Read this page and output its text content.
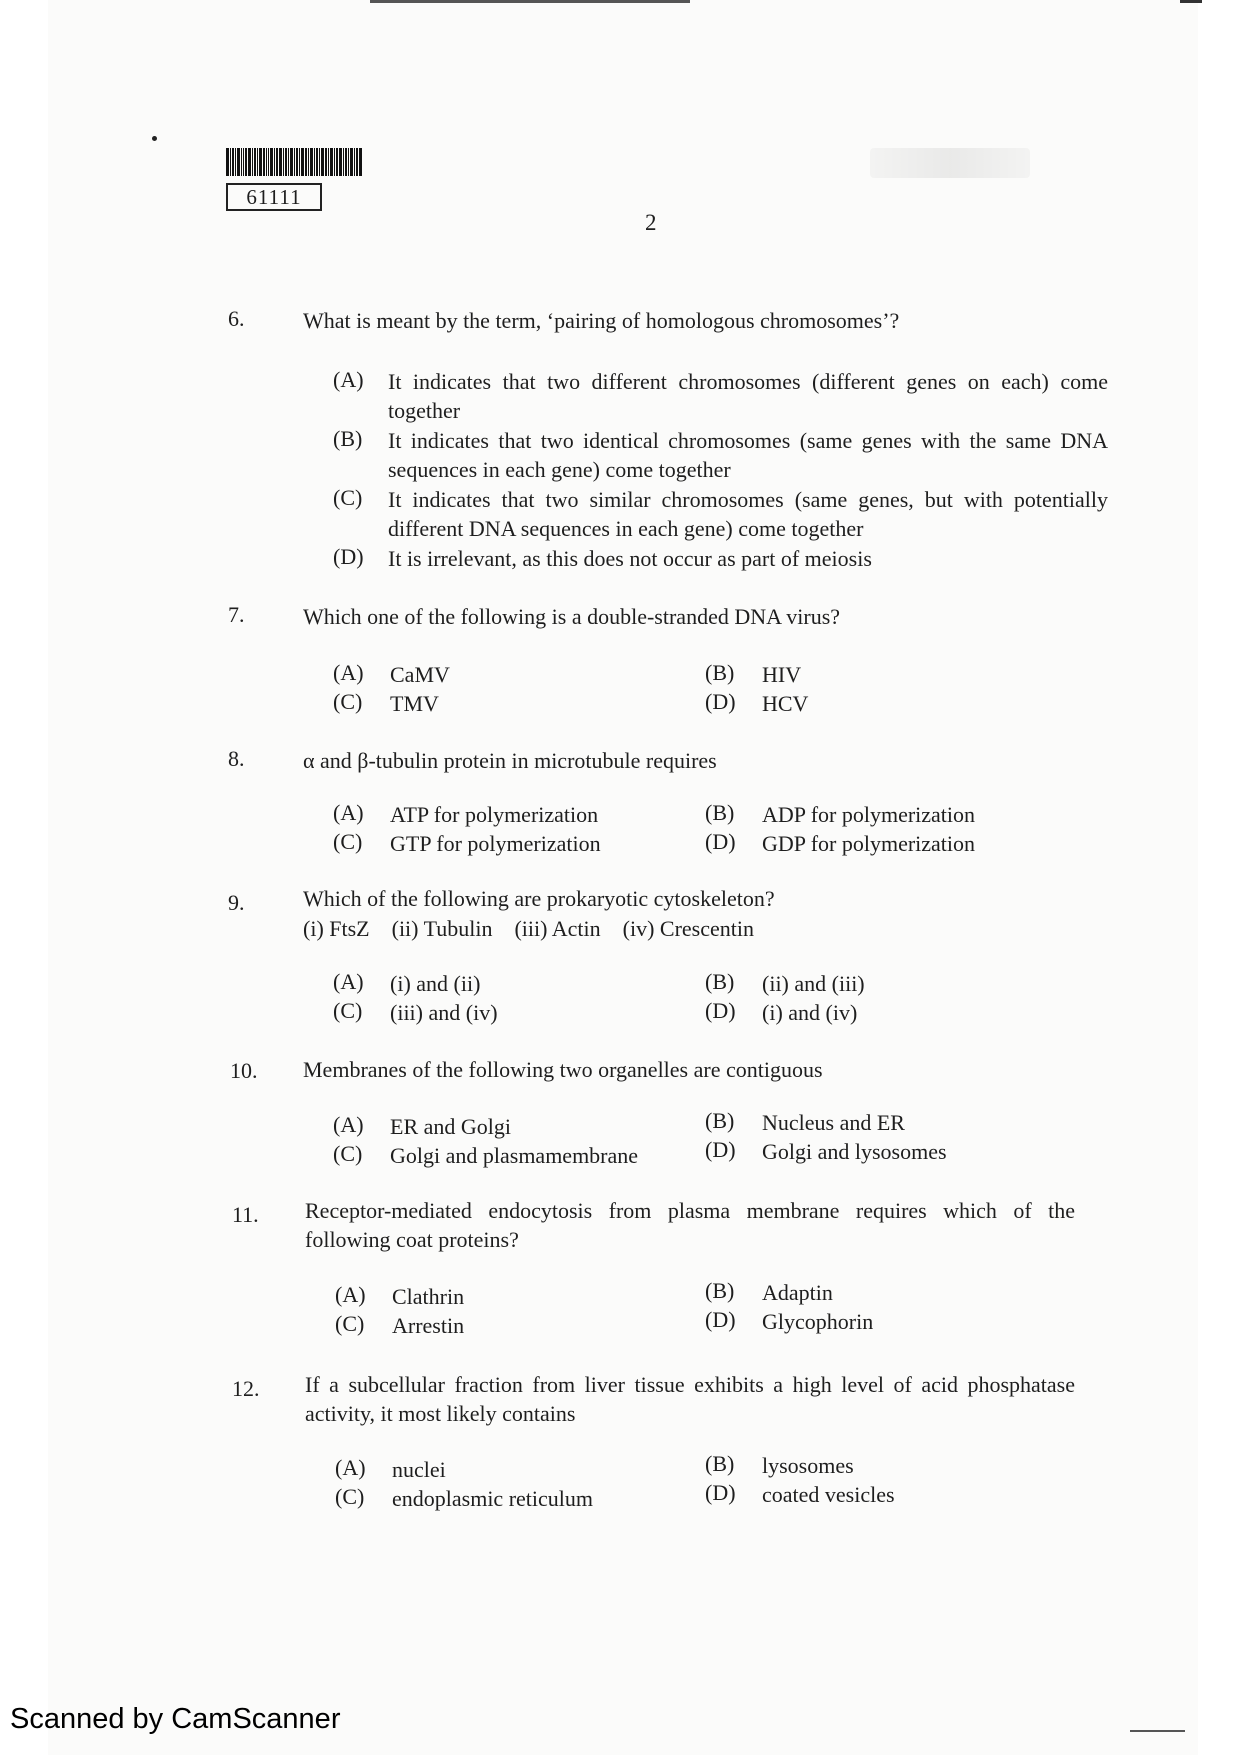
61111
2
6.	What is meant by the term, ‘pairing of homologous chromosomes’?
(A) It indicates that two different chromosomes (different genes on each) come together
(B) It indicates that two identical chromosomes (same genes with the same DNA sequences in each gene) come together
(C) It indicates that two similar chromosomes (same genes, but with potentially different DNA sequences in each gene) come together
(D) It is irrelevant, as this does not occur as part of meiosis
7.	Which one of the following is a double-stranded DNA virus?
(A) CaMV	(B) HIV
(C) TMV	(D) HCV
8.	α and β-tubulin protein in microtubule requires
(A) ATP for polymerization	(B) ADP for polymerization
(C) GTP for polymerization	(D) GDP for polymerization
9.	Which of the following are prokaryotic cytoskeleton?
(i) FtsZ    (ii) Tubulin    (iii) Actin    (iv) Crescentin
(A) (i) and (ii)	(B) (ii) and (iii)
(C) (iii) and (iv)	(D) (i) and (iv)
10. Membranes of the following two organelles are contiguous
(A) ER and Golgi	(B) Nucleus and ER
(C) Golgi and plasmamembrane	(D) Golgi and lysosomes
11. Receptor-mediated endocytosis from plasma membrane requires which of the following coat proteins?
(A) Clathrin	(B) Adaptin
(C) Arrestin	(D) Glycophorin
12. If a subcellular fraction from liver tissue exhibits a high level of acid phosphatase activity, it most likely contains
(A) nuclei	(B) lysosomes
(C) endoplasmic reticulum	(D) coated vesicles
Scanned by CamScanner
